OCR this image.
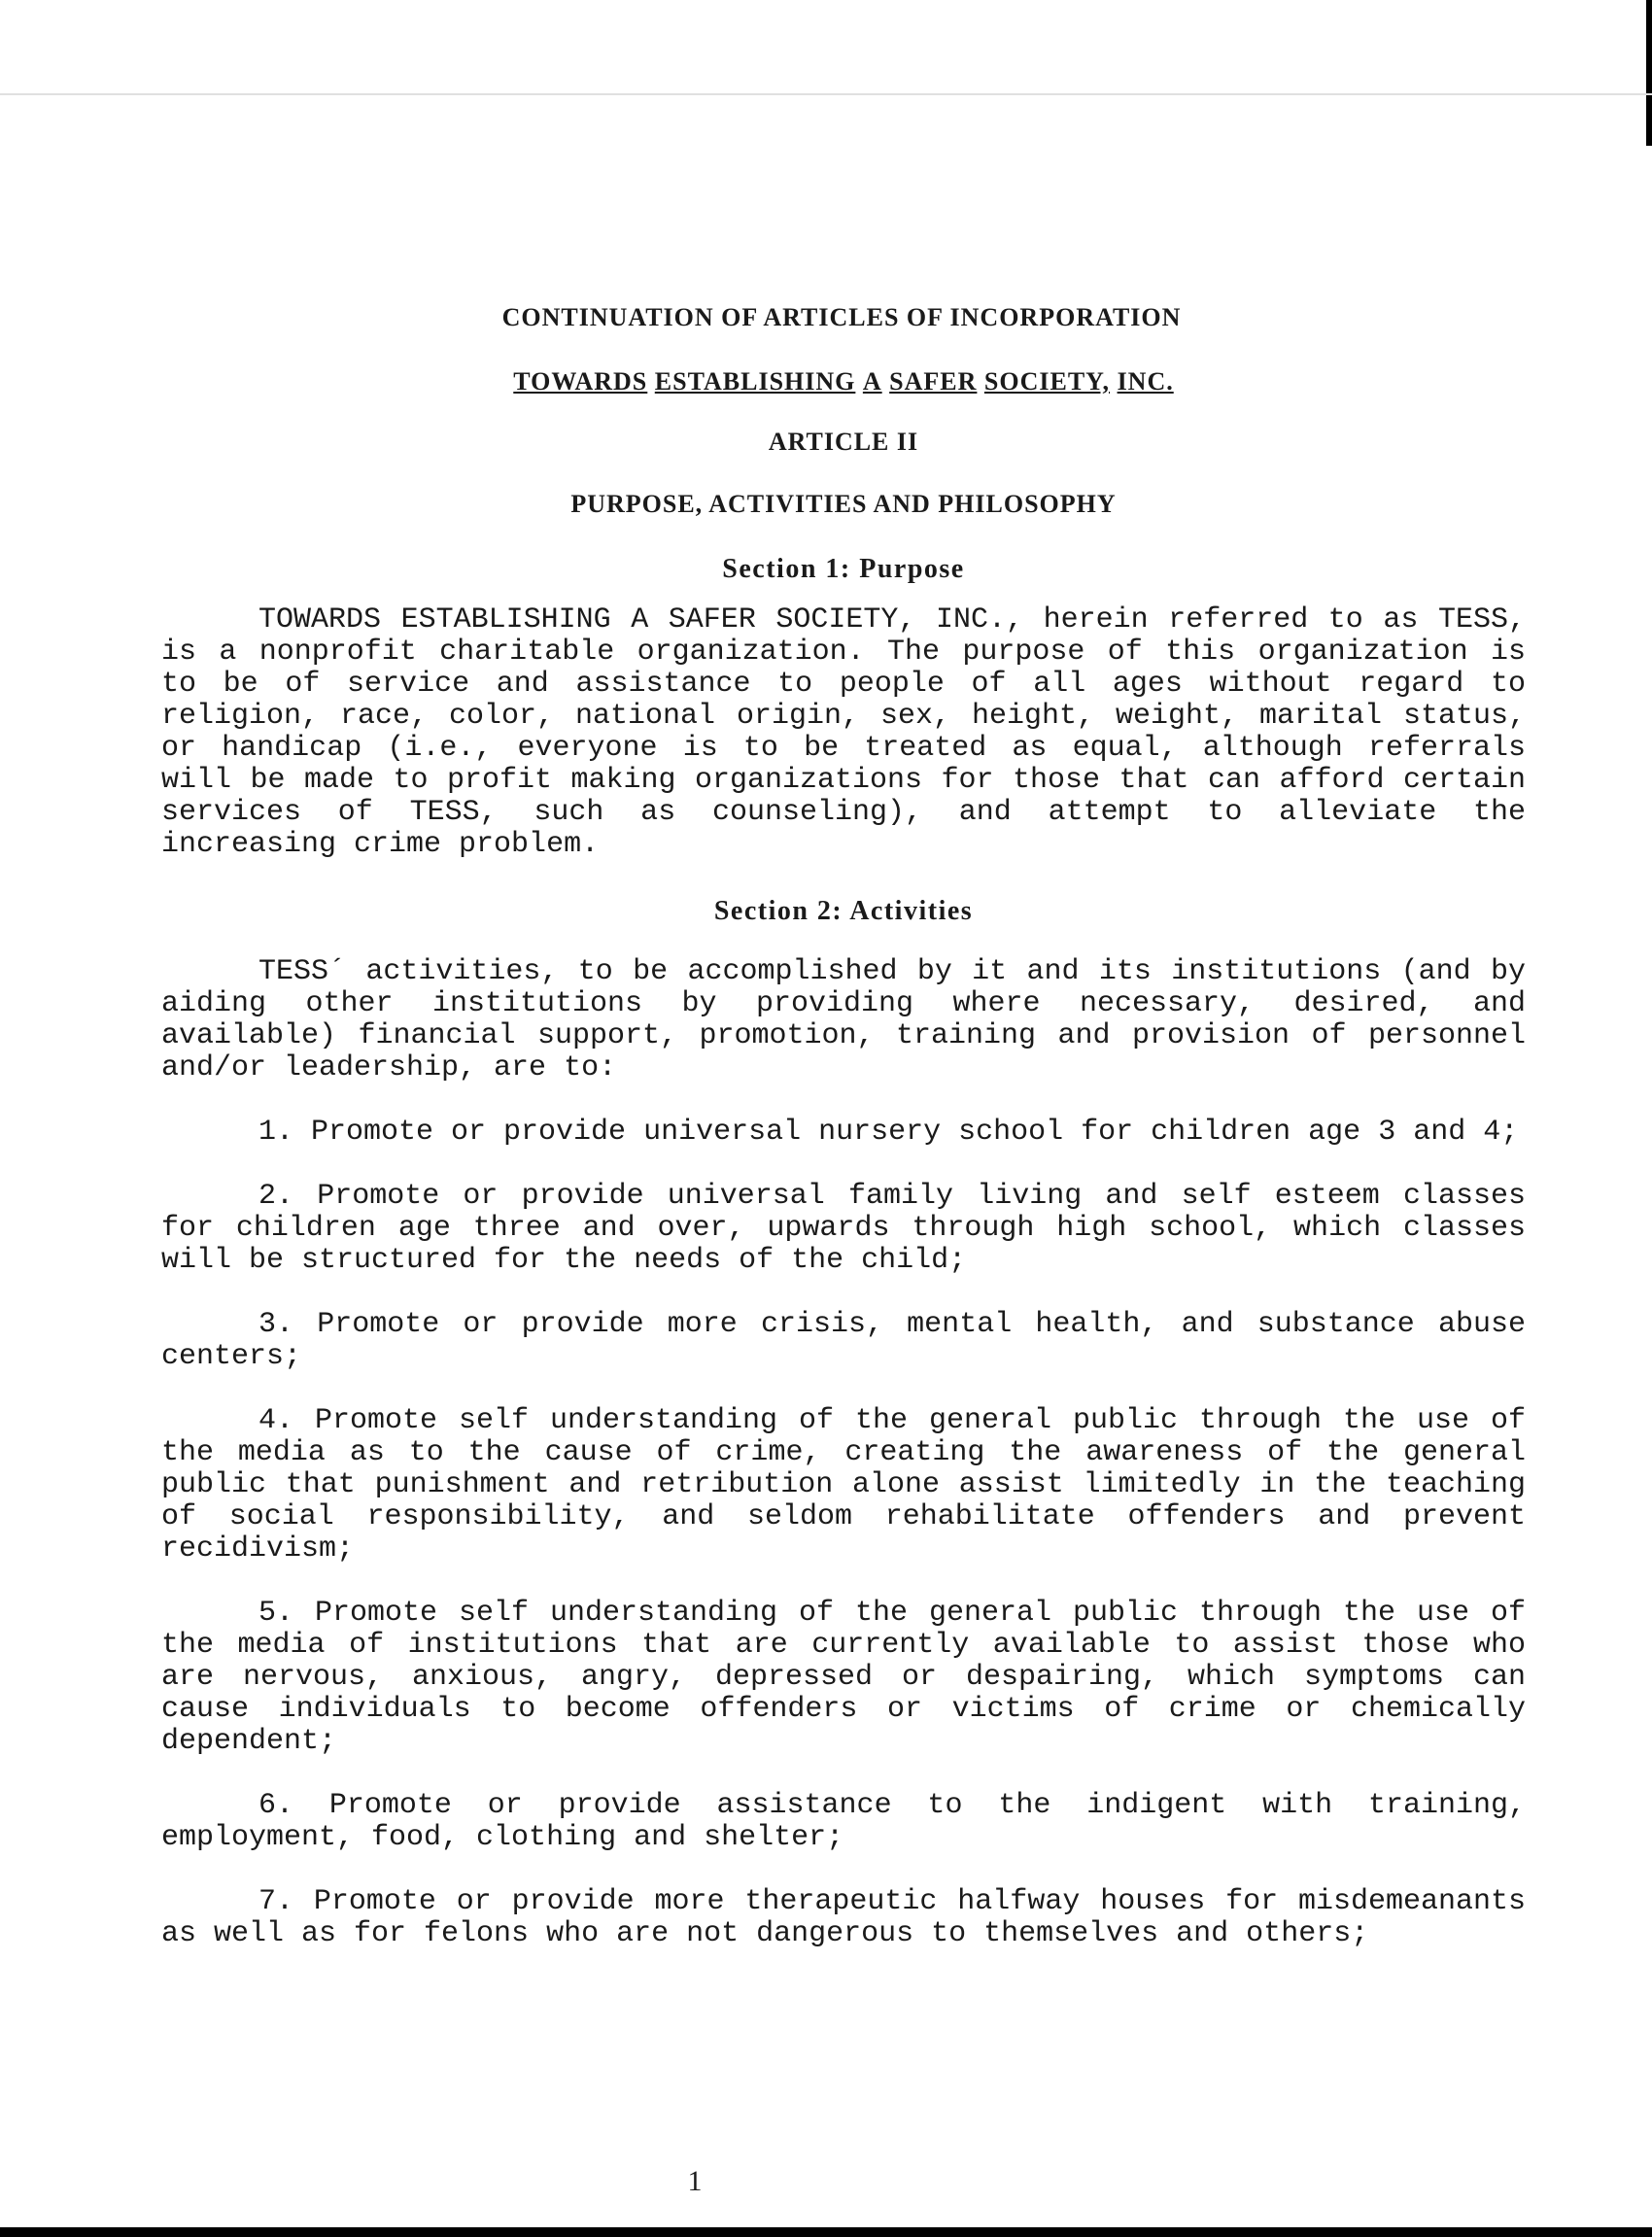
CONTINUATION OF ARTICLES OF INCORPORATION
TOWARDS ESTABLISHING A SAFER SOCIETY, INC.
ARTICLE II
PURPOSE, ACTIVITIES AND PHILOSOPHY
Section 1: Purpose

TOWARDS ESTABLISHING A SAFER SOCIETY, INC., herein referred to as TESS, is a nonprofit charitable organization. The purpose of this organization is to be of service and assistance to people of all ages without regard to religion, race, color, national origin, sex, height, weight, marital status, or handicap (i.e., everyone is to be treated as equal, although referrals will be made to profit making organizations for those that can afford certain services of TESS, such as counseling), and attempt to alleviate the increasing crime problem.

Section 2: Activities

TESS´ activities, to be accomplished by it and its institutions (and by aiding other institutions by providing where necessary, desired, and available) financial support, promotion, training and provision of personnel and/or leadership, are to:

1. Promote or provide universal nursery school for children age 3 and 4;

2. Promote or provide universal family living and self esteem classes for children age three and over, upwards through high school, which classes will be structured for the needs of the child;

3. Promote or provide more crisis, mental health, and substance abuse centers;

4. Promote self understanding of the general public through the use of the media as to the cause of crime, creating the awareness of the general public that punishment and retribution alone assist limitedly in the teaching of social responsibility, and seldom rehabilitate offenders and prevent recidivism;

5. Promote self understanding of the general public through the use of the media of institutions that are currently available to assist those who are nervous, anxious, angry, depressed or despairing, which symptoms can cause individuals to become offenders or victims of crime or chemically dependent;

6. Promote or provide assistance to the indigent with training, employment, food, clothing and shelter;

7. Promote or provide more therapeutic halfway houses for misdemeanants as well as for felons who are not dangerous to themselves and others;

1
